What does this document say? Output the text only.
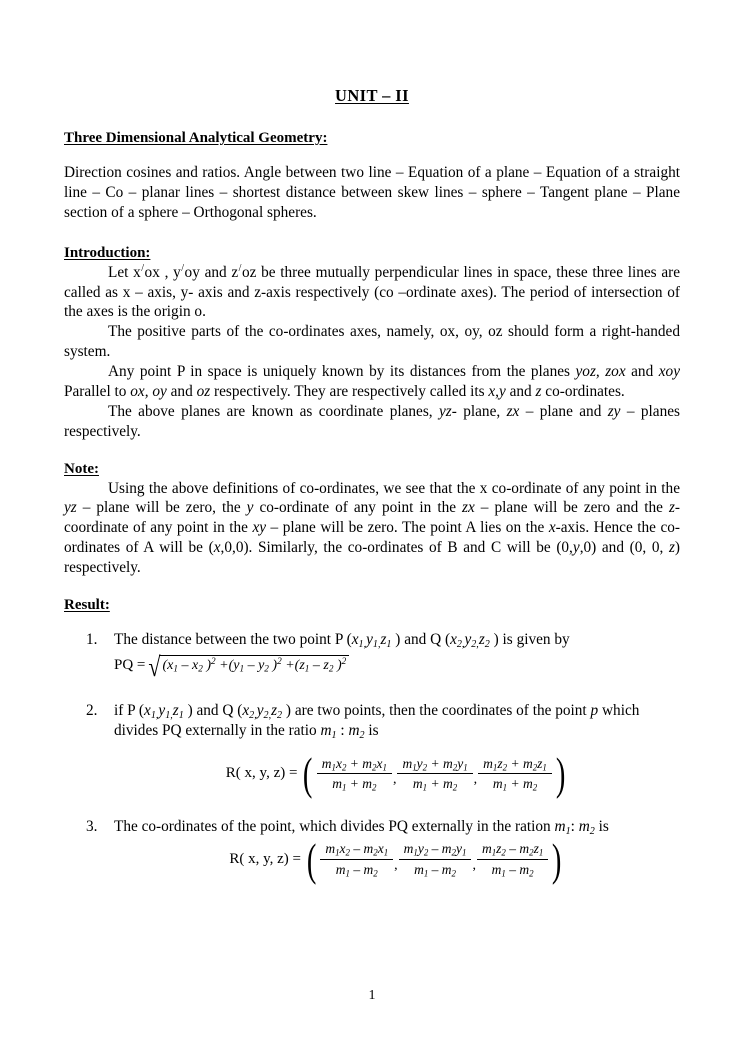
UNIT – II
Three Dimensional Analytical Geometry:

Direction cosines and ratios. Angle between two line – Equation of a plane – Equation of a straight line – Co – planar lines – shortest distance between skew lines – sphere – Tangent plane – Plane section of a sphere – Orthogonal spheres.

Introduction:

Let x/ox , y/oy and z/oz be three mutually perpendicular lines in space, these three lines are called as x – axis, y- axis and z-axis respectively (co –ordinate axes). The period of intersection of the axes is the origin o.

The positive parts of the co-ordinates axes, namely, ox, oy, oz should form a right-handed system.

Any point P in space is uniquely known by its distances from the planes yoz, zox and xoy Parallel to ox, oy and oz respectively. They are respectively called its x,y and z co-ordinates.

The above planes are known as coordinate planes, yz- plane, zx – plane and zy – planes respectively.

Note:

Using the above definitions of co-ordinates, we see that the x co-ordinate of any point in the yz – plane will be zero, the y co-ordinate of any point in the zx – plane will be zero and the z- coordinate of any point in the xy – plane will be zero. The point A lies on the x-axis. Hence the co-ordinates of A will be (x,0,0). Similarly, the co-ordinates of B and C will be (0,y,0) and (0, 0, z) respectively.

Result:
1. The distance between the two point P ($x_{1,}y_{1,}z_1$ ) and Q ($x_{2,}y_{2,}z_2$ ) is given by
PQ = √ ($x_1 - x_2$ )$^2 +(y_1 - y_2$ )$^2 +(z_1 - z_2$ )$^2$
2. if P ($x_{1,}y_{1,}z_1$ ) and Q ($x_{2,}y_{2,}z_2$ ) are two points, then the coordinates of the point p which divides PQ externally in the ratio $m_1$ : $m_2$ is
R( x, y, z) = ( $\frac{m_1x_2 + m_2x_1}{m_1 + m_2}$ , $\frac{m_1y_2 + m_2y_1}{m_1 + m_2}$ , $\frac{m_1z_2 + m_2z_1}{m_1 + m_2}$ )
3. The co-ordinates of the point, which divides PQ externally in the ration $m_1$: $m_2$ is
R( x, y, z) = ( $\frac{m_1x_2 - m_2x_1}{m_1 - m_2}$ , $\frac{m_1y_2 - m_2y_1}{m_1 - m_2}$ , $\frac{m_1z_2 - m_2z_1}{m_1 - m_2}$ )
1
